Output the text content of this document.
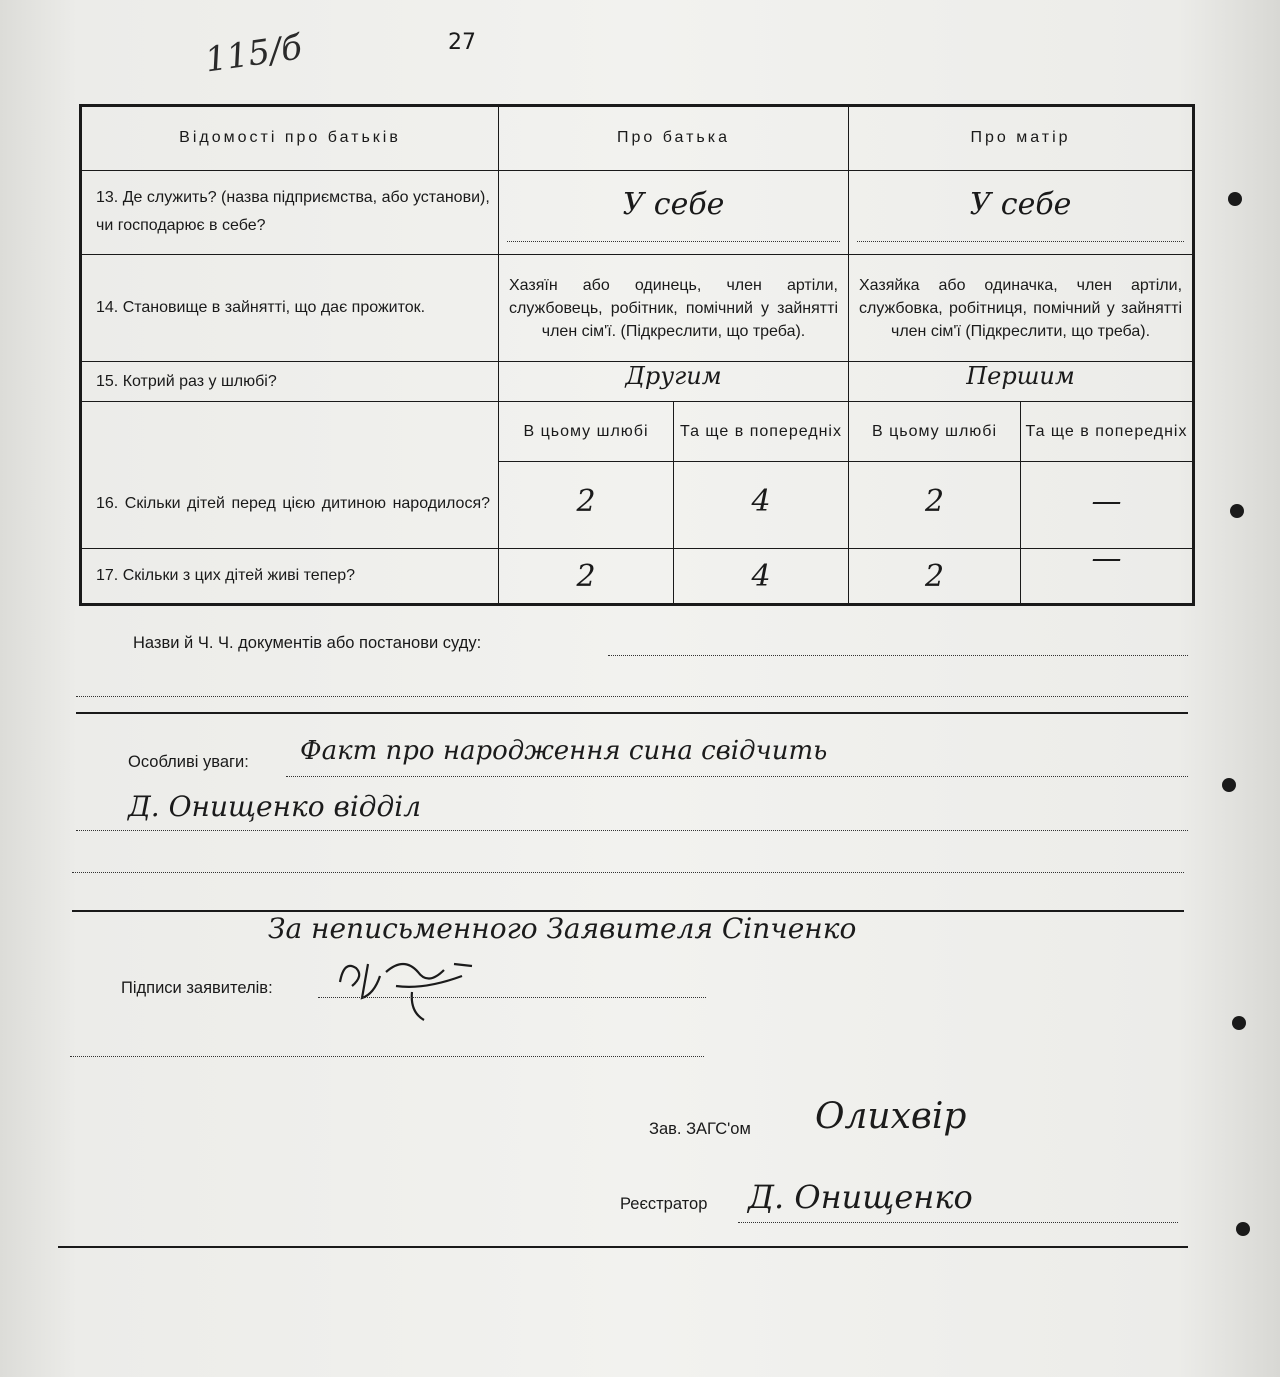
115/б	27
Відомості про батьків	Про батька		Про матір	
13. Де служить? (назва підприємства, або установи), чи господарює в себе?	У себе		У себе	

14. Становище в зайнятті, що дає прожиток.	Хазяїн або одинець, член артіли, службовець, робітник, помічний у зайнятті член сім'ї. (Підкреслити, що треба).		Хазяйка або одиначка, член артіли, службовка, робітниця, помічний у зайнятті член сім'ї (Підкреслити, що треба).	
15. Котрий раз у шлюбі?	Другим		Першим	

16. Скільки дітей перед цією дитиною народилося?	В цьому шлюбі	Та ще в попередніх	В цьому шлюбі	Та ще в попередніх

	2	4	2	—

17. Скільки з цих дітей живі тепер?	2	4	2	—
Назви й Ч. Ч. документів або постанови суду:
Особливі уваги: Факт про народження сина свідчить
Д. Онищенко відділ
За неписьменного Заявителя Сіпченко
Підписи заявителів:
Зав. ЗАГС'ом Олихвір
Реєстратор Д. Онищенко
